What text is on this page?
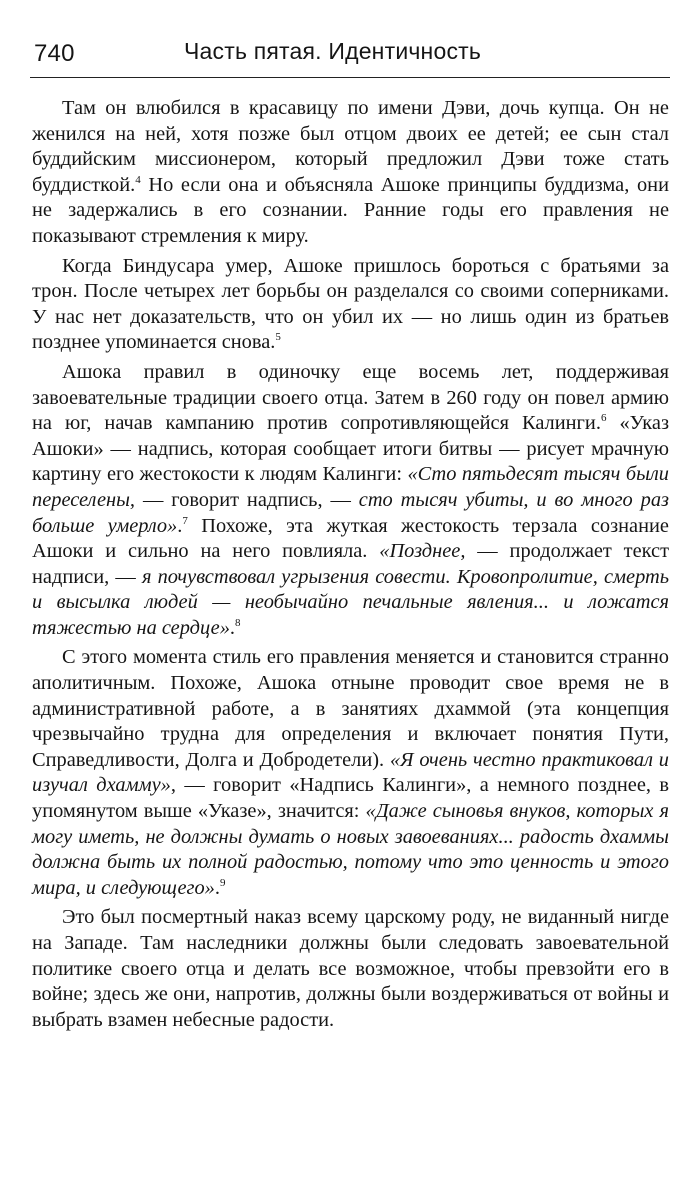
740	Часть пятая. Идентичность

Там он влюбился в красавицу по имени Дэви, дочь купца. Он не женился на ней, хотя позже был отцом двоих ее детей; ее сын стал буддийским миссионером, который предложил Дэви тоже стать буддисткой.$^4$ Но если она и объясняла Ашоке принципы буддизма, они не задержались в его сознании. Ранние годы его правления не показывают стремления к миру.

Когда Биндусара умер, Ашоке пришлось бороться с братьями за трон. После четырех лет борьбы он разделался со своими соперниками. У нас нет доказательств, что он убил их — но лишь один из братьев позднее упоминается снова.$^5$

Ашока правил в одиночку еще восемь лет, поддерживая завоевательные традиции своего отца. Затем в 260 году он повел армию на юг, начав кампанию против сопротивляющейся Калинги.$^6$ «Указ Ашоки» — надпись, которая сообщает итоги битвы — рисует мрачную картину его жестокости к людям Калинги: «Сто пятьдесят тысяч были переселены, — говорит надпись, — сто тысяч убиты, и во много раз больше умерло».$^7$ Похоже, эта жуткая жестокость терзала сознание Ашоки и сильно на него повлияла. «Позднее, — продолжает текст надписи, — я почувствовал угрызения совести. Кровопролитие, смерть и высылка людей — необычайно печальные явления... и ложатся тяжестью на сердце».$^8$

С этого момента стиль его правления меняется и становится странно аполитичным. Похоже, Ашока отныне проводит свое время не в административной работе, а в занятиях дхаммой (эта концепция чрезвычайно трудна для определения и включает понятия Пути, Справедливости, Долга и Добродетели). «Я очень честно практиковал и изучал дхамму», — говорит «Надпись Калинги», а немного позднее, в упомянутом выше «Указе», значится: «Даже сыновья внуков, которых я могу иметь, не должны думать о новых завоеваниях... радость дхаммы должна быть их полной радостью, потому что это ценность и этого мира, и следующего».$^9$

Это был посмертный наказ всему царскому роду, не виданный нигде на Западе. Там наследники должны были следовать завоевательной политике своего отца и делать все возможное, чтобы превзойти его в войне; здесь же они, напротив, должны были воздерживаться от войны и выбрать взамен небесные радости.
